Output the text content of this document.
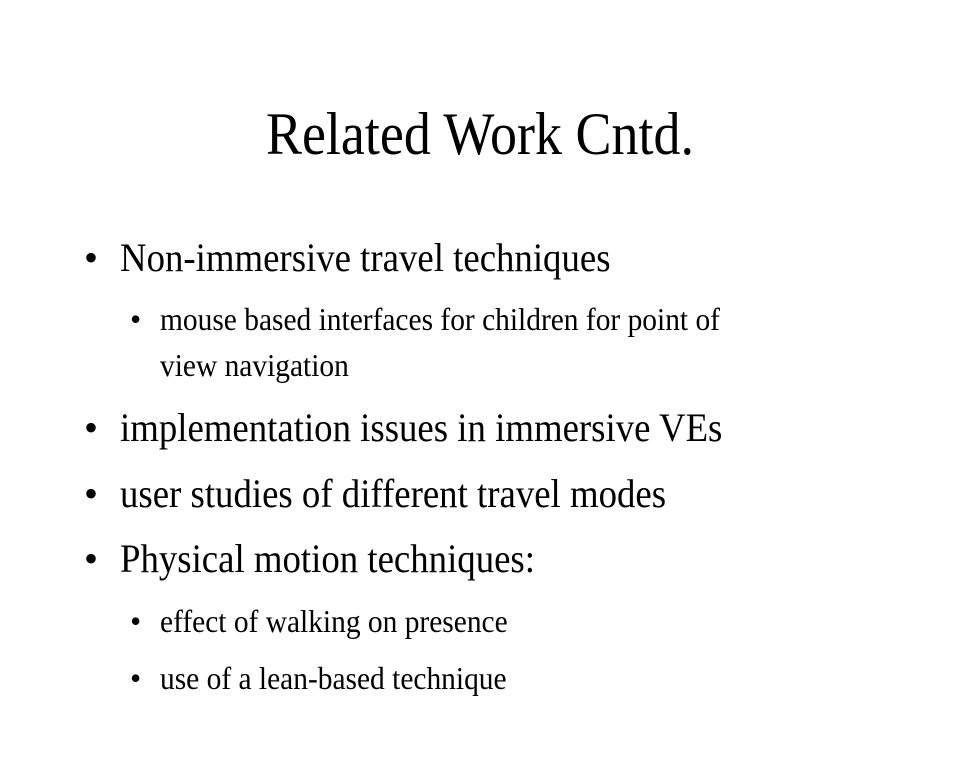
Related Work Cntd.
• Non-immersive travel techniques
• mouse based interfaces for children for point of
view navigation
• implementation issues in immersive VEs
• user studies of different travel modes
• Physical motion techniques:
• effect of walking on presence
• use of a lean-based technique
